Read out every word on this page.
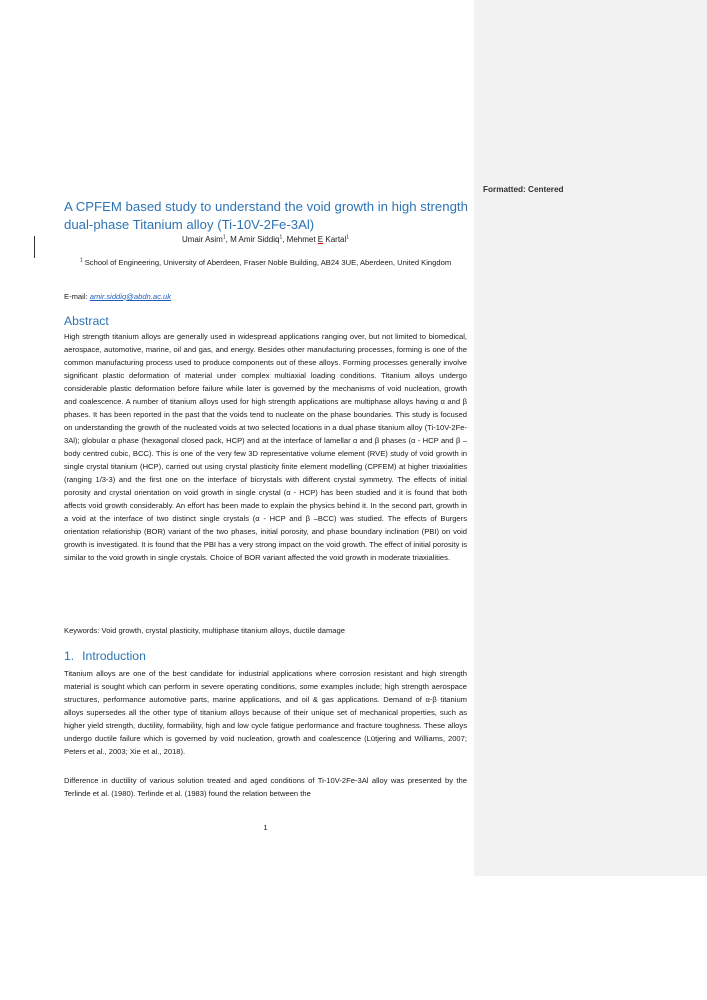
Formatted: Centered
A CPFEM based study to understand the void growth in high strength dual-phase Titanium alloy (Ti-10V-2Fe-3Al)
Umair Asim$^1$, M Amir Siddiq$^1$, Mehmet E Kartal$^1$
$^1$ School of Engineering, University of Aberdeen, Fraser Noble Building, AB24 3UE, Aberdeen, United Kingdom
E-mail: amir.siddiq@abdn.ac.uk
Abstract

High strength titanium alloys are generally used in widespread applications ranging over, but not limited to biomedical, aerospace, automotive, marine, oil and gas, and energy. Besides other manufacturing processes, forming is one of the common manufacturing process used to produce components out of these alloys. Forming processes generally involve significant plastic deformation of material under complex multiaxial loading conditions. Titanium alloys undergo considerable plastic deformation before failure while later is governed by the mechanisms of void nucleation, growth and coalescence. A number of titanium alloys used for high strength applications are multiphase alloys having α and β phases. It has been reported in the past that the voids tend to nucleate on the phase boundaries. This study is focused on understanding the growth of the nucleated voids at two selected locations in a dual phase titanium alloy (Ti-10V-2Fe-3Al); globular α phase (hexagonal closed pack, HCP) and at the interface of lamellar α and β phases (α - HCP and β – body centred cubic, BCC). This is one of the very few 3D representative volume element (RVE) study of void growth in single crystal titanium (HCP), carried out using crystal plasticity finite element modelling (CPFEM) at higher triaxialities (ranging 1/3-3) and the first one on the interface of bicrystals with different crystal symmetry. The effects of initial porosity and crystal orientation on void growth in single crystal (α - HCP) has been studied and it is found that both affects void growth considerably. An effort has been made to explain the physics behind it. In the second part, growth in a void at the interface of two distinct single crystals (α - HCP and β –BCC) was studied. The effects of Burgers orientation relationship (BOR) variant of the two phases, initial porosity, and phase boundary inclination (PBI) on void growth is investigated. It is found that the PBI has a very strong impact on the void growth. The effect of initial porosity is similar to the void growth in single crystals. Choice of BOR variant affected the void growth in moderate triaxialities.

Keywords: Void growth, crystal plasticity, multiphase titanium alloys, ductile damage
1. Introduction

Titanium alloys are one of the best candidate for industrial applications where corrosion resistant and high strength material is sought which can perform in severe operating conditions, some examples include; high strength aerospace structures, performance automotive parts, marine applications, and oil & gas applications. Demand of α-β titanium alloys supersedes all the other type of titanium alloys because of their unique set of mechanical properties, such as higher yield strength, ductility, formability, high and low cycle fatigue performance and fracture toughness. These alloys undergo ductile failure which is governed by void nucleation, growth and coalescence (Lütjering and Williams, 2007; Peters et al., 2003; Xie et al., 2018).

Difference in ductility of various solution treated and aged conditions of Ti-10V-2Fe-3Al alloy was presented by the Terlinde et al. (1980). Terlinde et al. (1983) found the relation between the

1
